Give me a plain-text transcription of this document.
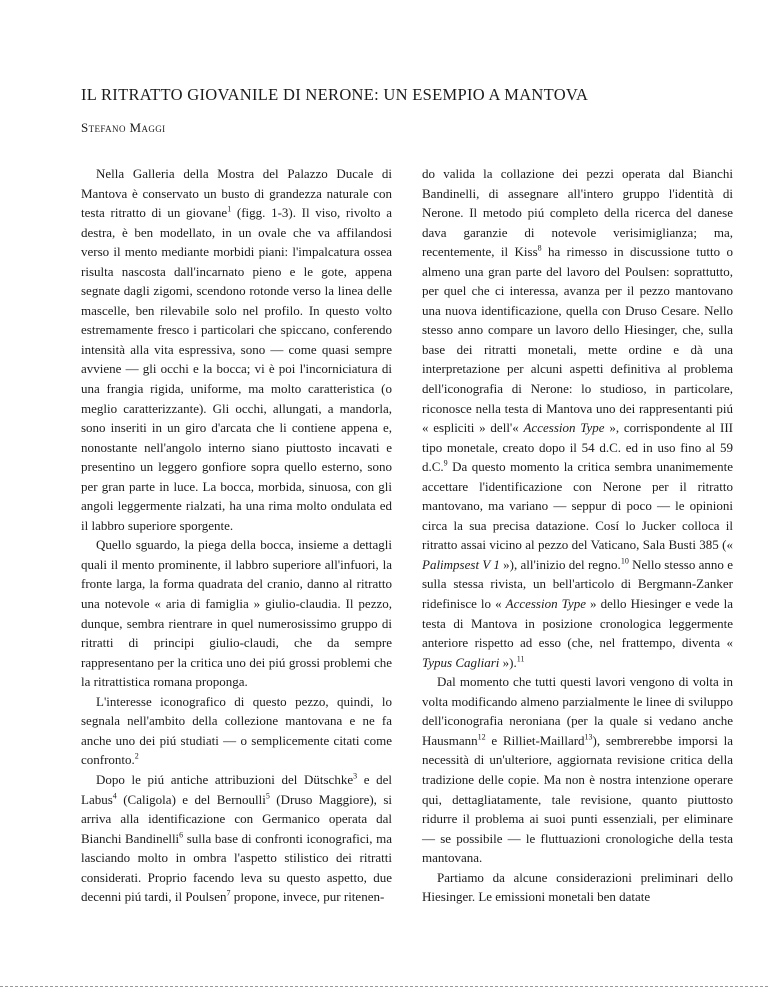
IL RITRATTO GIOVANILE DI NERONE: UN ESEMPIO A MANTOVA
Stefano Maggi

Nella Galleria della Mostra del Palazzo Ducale di Mantova è conservato un busto di grandezza naturale con testa ritratto di un giovane$^1$ (figg. 1-3). Il viso, rivolto a destra, è ben modellato, in un ovale che va affilandosi verso il mento mediante morbidi piani: l'impalcatura ossea risulta nascosta dall'incarnato pieno e le gote, appena segnate dagli zigomi, scendono rotonde verso la linea delle mascelle, ben rilevabile solo nel profilo. In questo volto estremamente fresco i particolari che spiccano, conferendo intensità alla vita espressiva, sono — come quasi sempre avviene — gli occhi e la bocca; vi è poi l'incorniciatura di una frangia rigida, uniforme, ma molto caratteristica (o meglio caratterizzante). Gli occhi, allungati, a mandorla, sono inseriti in un giro d'arcata che li contiene appena e, nonostante nell'angolo interno siano piuttosto incavati e presentino un leggero gonfiore sopra quello esterno, sono per gran parte in luce. La bocca, morbida, sinuosa, con gli angoli leggermente rialzati, ha una rima molto ondulata ed il labbro superiore sporgente.

Quello sguardo, la piega della bocca, insieme a dettagli quali il mento prominente, il labbro superiore all'infuori, la fronte larga, la forma quadrata del cranio, danno al ritratto una notevole « aria di famiglia » giulio-claudia. Il pezzo, dunque, sembra rientrare in quel numerosissimo gruppo di ritratti di principi giulio-claudi, che da sempre rappresentano per la critica uno dei piú grossi problemi che la ritrattistica romana proponga.

L'interesse iconografico di questo pezzo, quindi, lo segnala nell'ambito della collezione mantovana e ne fa anche uno dei piú studiati — o semplicemente citati come confronto.$^2$

Dopo le piú antiche attribuzioni del Dütschke$^3$ e del Labus$^4$ (Caligola) e del Bernoulli$^5$ (Druso Maggiore), si arriva alla identificazione con Germanico operata dal Bianchi Bandinelli$^6$ sulla base di confronti iconografici, ma lasciando molto in ombra l'aspetto stilistico dei ritratti considerati. Proprio facendo leva su questo aspetto, due decenni piú tardi, il Poulsen$^7$ propone, invece, pur ritenen-

do valida la collazione dei pezzi operata dal Bianchi Bandinelli, di assegnare all'intero gruppo l'identità di Nerone. Il metodo piú completo della ricerca del danese dava garanzie di notevole verisimiglianza; ma, recentemente, il Kiss$^8$ ha rimesso in discussione tutto o almeno una gran parte del lavoro del Poulsen: soprattutto, per quel che ci interessa, avanza per il pezzo mantovano una nuova identificazione, quella con Druso Cesare. Nello stesso anno compare un lavoro dello Hiesinger, che, sulla base dei ritratti monetali, mette ordine e dà una interpretazione per alcuni aspetti definitiva al problema dell'iconografia di Nerone: lo studioso, in particolare, riconosce nella testa di Mantova uno dei rappresentanti piú « espliciti » dell'« Accession Type », corrispondente al III tipo monetale, creato dopo il 54 d.C. ed in uso fino al 59 d.C.$^9$ Da questo momento la critica sembra unanimemente accettare l'identificazione con Nerone per il ritratto mantovano, ma variano — seppur di poco — le opinioni circa la sua precisa datazione. Cosí lo Jucker colloca il ritratto assai vicino al pezzo del Vaticano, Sala Busti 385 (« Palimpsest V 1 »), all'inizio del regno.$^{10}$ Nello stesso anno e sulla stessa rivista, un bell'articolo di Bergmann-Zanker ridefinisce lo « Accession Type » dello Hiesinger e vede la testa di Mantova in posizione cronologica leggermente anteriore rispetto ad esso (che, nel frattempo, diventa « Typus Cagliari »).$^{11}$

Dal momento che tutti questi lavori vengono di volta in volta modificando almeno parzialmente le linee di sviluppo dell'iconografia neroniana (per la quale si vedano anche Hausmann$^{12}$ e Rilliet-Maillard$^{13}$), sembrerebbe imporsi la necessità di un'ulteriore, aggiornata revisione critica della tradizione delle copie. Ma non è nostra intenzione operare qui, dettagliatamente, tale revisione, quanto piuttosto ridurre il problema ai suoi punti essenziali, per eliminare — se possibile — le fluttuazioni cronologiche della testa mantovana.

Partiamo da alcune considerazioni preliminari dello Hiesinger. Le emissioni monetali ben datate
